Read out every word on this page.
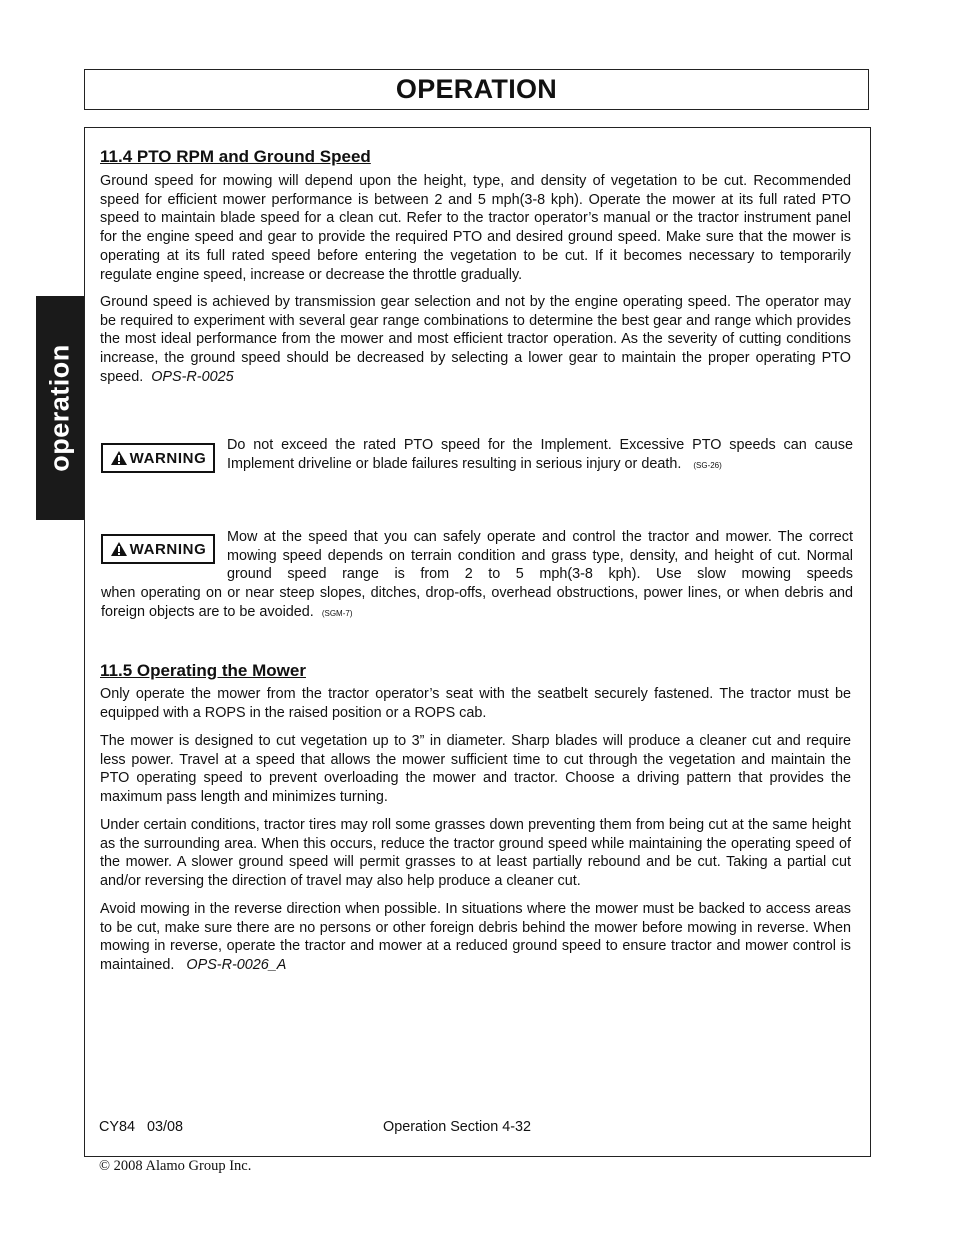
OPERATION
operation
11.4 PTO RPM and Ground Speed
Ground speed for mowing will depend upon the height, type, and density of vegetation to be cut. Recommended speed for efficient mower performance is between 2 and 5 mph(3-8 kph). Operate the mower at its full rated PTO speed to maintain blade speed for a clean cut. Refer to the tractor operator’s manual or the tractor instrument panel for the engine speed and gear to provide the required PTO and desired ground speed. Make sure that the mower is operating at its full rated speed before entering the vegetation to be cut. If it becomes necessary to temporarily regulate engine speed, increase or decrease the throttle gradually.
Ground speed is achieved by transmission gear selection and not by the engine operating speed. The operator may be required to experiment with several gear range combinations to determine the best gear and range which provides the most ideal performance from the mower and most efficient tractor operation. As the severity of cutting conditions increase, the ground speed should be decreased by selecting a lower gear to maintain the proper operating PTO speed. OPS-R-0025
WARNING
Do not exceed the rated PTO speed for the Implement. Excessive PTO speeds can cause Implement driveline or blade failures resulting in serious injury or death. (SG-26)
WARNING
Mow at the speed that you can safely operate and control the tractor and mower. The correct mowing speed depends on terrain condition and grass type, density, and height of cut. Normal ground speed range is from 2 to 5 mph(3-8 kph). Use slow mowing speeds
when operating on or near steep slopes, ditches, drop-offs, overhead obstructions, power lines, or when debris and foreign objects are to be avoided. (SGM-7)
11.5 Operating the Mower
Only operate the mower from the tractor operator’s seat with the seatbelt securely fastened. The tractor must be equipped with a ROPS in the raised position or a ROPS cab.
The mower is designed to cut vegetation up to 3” in diameter. Sharp blades will produce a cleaner cut and require less power. Travel at a speed that allows the mower sufficient time to cut through the vegetation and maintain the PTO operating speed to prevent overloading the mower and tractor. Choose a driving pattern that provides the maximum pass length and minimizes turning.
Under certain conditions, tractor tires may roll some grasses down preventing them from being cut at the same height as the surrounding area. When this occurs, reduce the tractor ground speed while maintaining the operating speed of the mower. A slower ground speed will permit grasses to at least partially rebound and be cut. Taking a partial cut and/or reversing the direction of travel may also help produce a cleaner cut.
Avoid mowing in the reverse direction when possible. In situations where the mower must be backed to access areas to be cut, make sure there are no persons or other foreign debris behind the mower before mowing in reverse. When mowing in reverse, operate the tractor and mower at a reduced ground speed to ensure tractor and mower control is maintained. OPS-R-0026_A
CY84   03/08	Operation Section 4-32
© 2008 Alamo Group Inc.
